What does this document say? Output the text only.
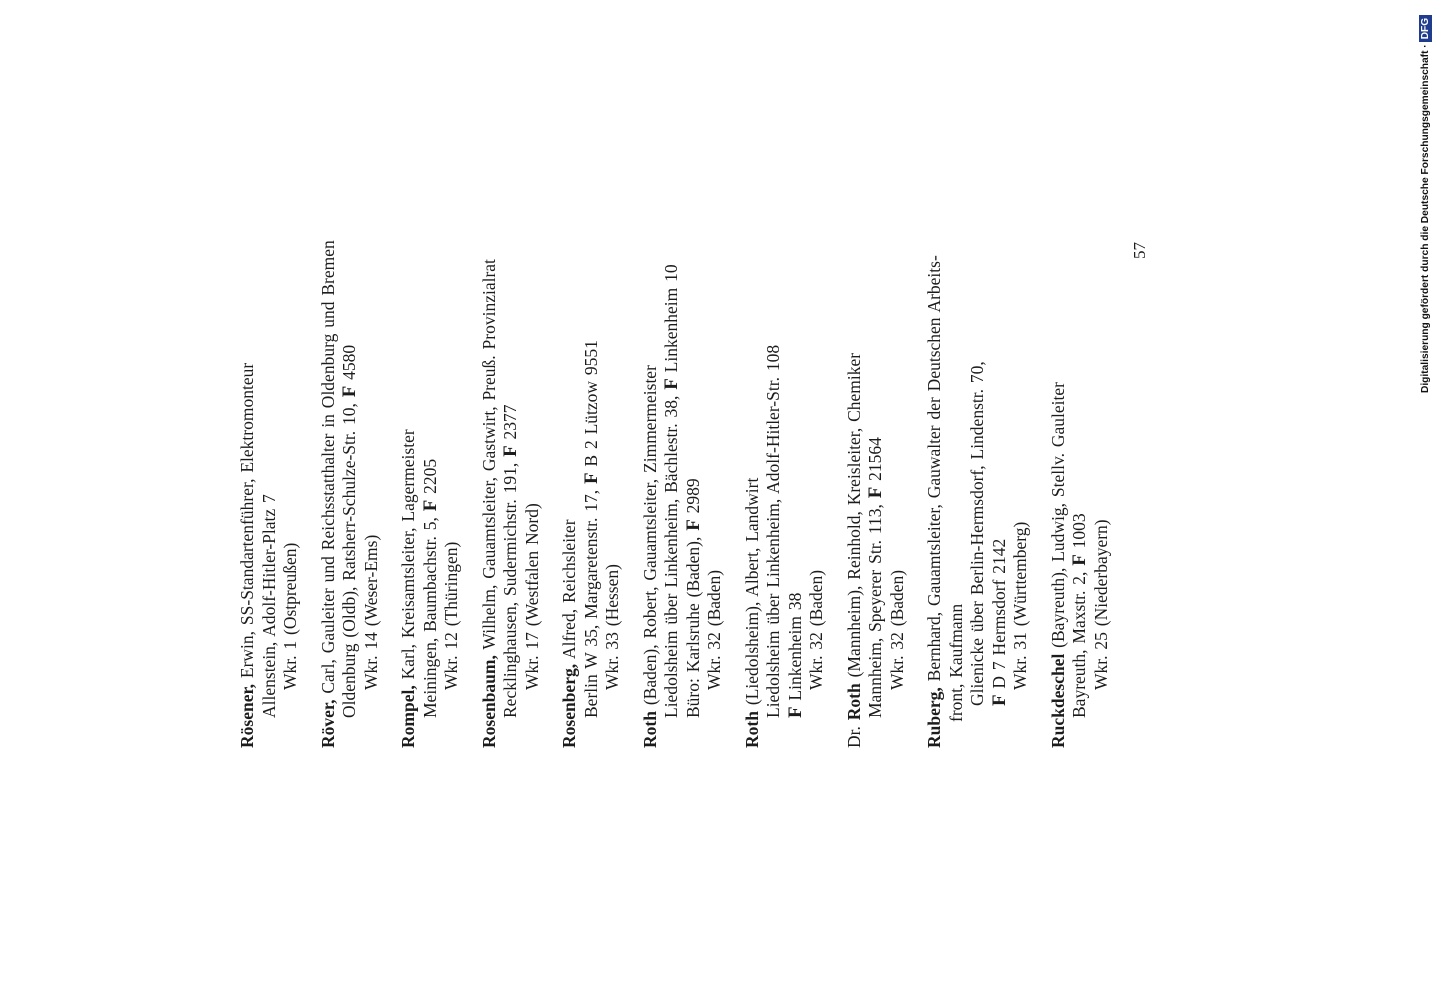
Rösener, Erwin, SS-Standartenführer, Elektromonteur Allenstein, Adolf-Hitler-Platz 7 Wkr. 1 (Ostpreußen)
Röver, Carl, Gauleiter und Reichsstatthalter in Oldenburg und Bremen Oldenburg (Oldb), Ratsherr-Schulze-Str. 10, F 4580
Wkr. 14 (Weser-Ems)
Rompel, Karl, Kreisamtsleiter, Lagermeister Meiningen, Baumbachstr. 5, F 2205
Wkr. 12 (Thüringen)
Rosenbaum, Wilhelm, Gauamtsleiter, Gastwirt, Preuß. Provinzialrat Recklinghausen, Sudermichstr. 191, F 2377
Wkr. 17 (Westfalen Nord)
Rosenberg, Alfred, Reichsleiter Berlin W 35, Margaretenstr. 17, F B 2 Lützow 9551
Wkr. 33 (Hessen)
Roth (Baden), Robert, Gauamtsleiter, Zimmermeister Liedolsheim über Linkenheim, Bächlestr. 38, F Linkenheim 10
Büro: Karlsruhe (Baden), F 2989
Wkr. 32 (Baden)
Roth (Liedolsheim), Albert, Landwirt Liedolsheim über Linkenheim, Adolf-Hitler-Str. 108 F Linkenheim 38 Wkr. 32 (Baden)
Dr. Roth (Mannheim), Reinhold, Kreisleiter, Chemiker Mannheim, Speyerer Str. 113, F 21564
Wkr. 32 (Baden)
Ruberg, Bernhard, Gauamtsleiter, Gauwalter der Deutschen Arbeits- front, Kaufmann Glienicke über Berlin-Hermsdorf, Lindenstr. 70, F D 7 Hermsdorf 2142 Wkr. 31 (Württemberg)
Ruckdeschel (Bayreuth), Ludwig, Stellv. Gauleiter Bayreuth, Maxstr. 2, F 1003 Wkr. 25 (Niederbayern)
57	Digitalisierung gefördert durch die Deutsche Forschungsgemeinschaft ·DFG
